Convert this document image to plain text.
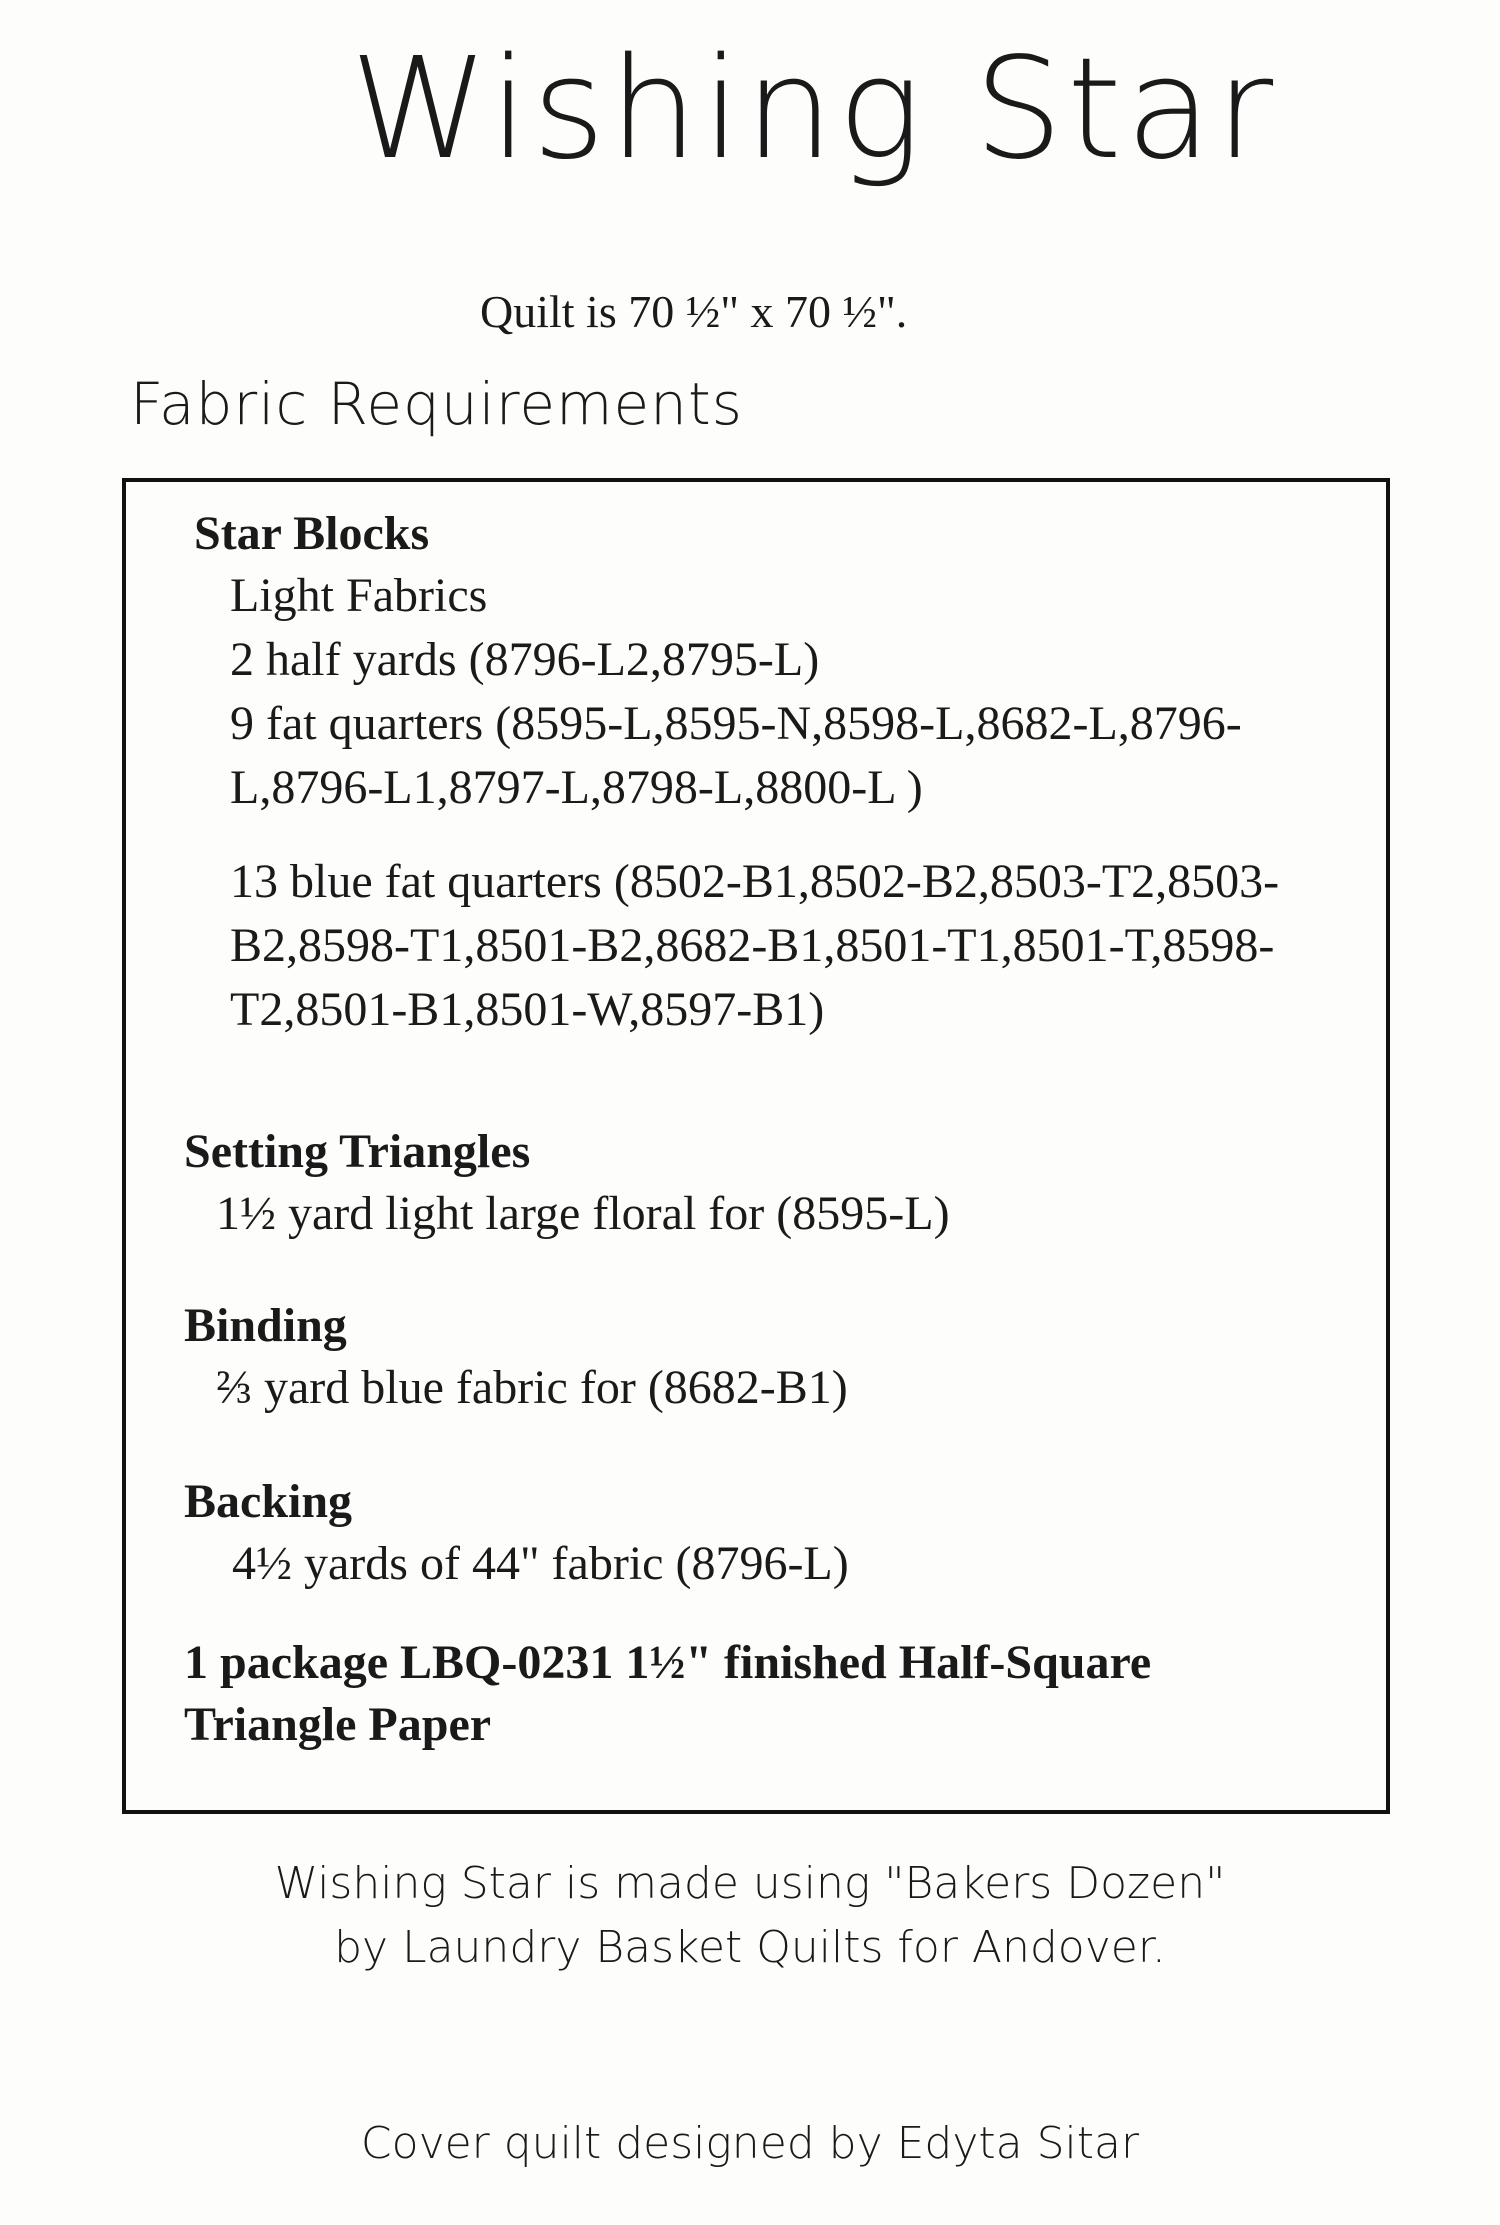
Wishing Star
Quilt is 70 ½" x 70 ½".
Fabric Requirements
Star Blocks
Light Fabrics
2 half yards (8796-L2,8795-L)
9 fat quarters (8595-L,8595-N,8598-L,8682-L,8796-
L,8796-L1,8797-L,8798-L,8800-L )
13 blue fat quarters (8502-B1,8502-B2,8503-T2,8503-
B2,8598-T1,8501-B2,8682-B1,8501-T1,8501-T,8598-
T2,8501-B1,8501-W,8597-B1)
Setting Triangles
1½ yard light large floral for (8595-L)
Binding
⅔ yard blue fabric for (8682-B1)
Backing
4½ yards of 44" fabric (8796-L)
1 package LBQ-0231 1½" finished Half-Square
Triangle Paper
Wishing Star is made using "Bakers Dozen"
by Laundry Basket Quilts for Andover.
Cover quilt designed by Edyta Sitar
